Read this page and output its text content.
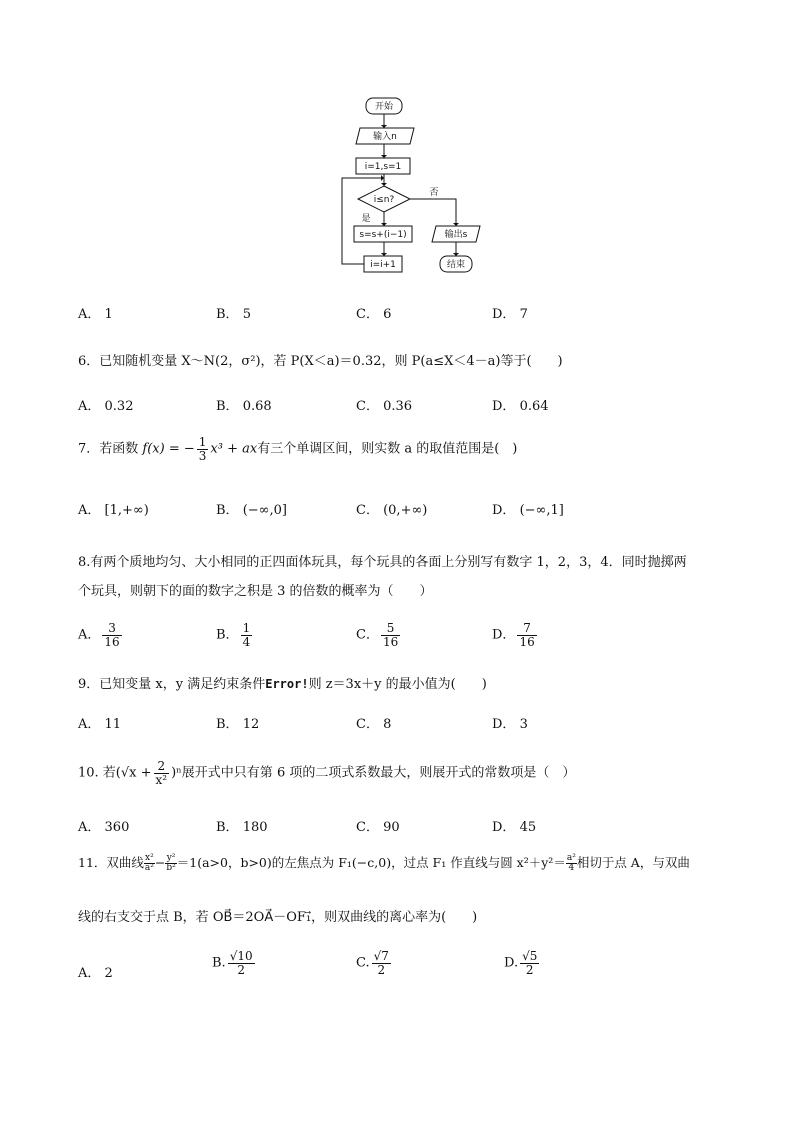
开始
输入n
i=1,s=1
i≤n?
否
是
s=s+(i−1)
i=i+1
输出s
结束
A． 1	B． 5	C． 6	D． 7
6．已知随机变量 X～N(2，σ²)，若 P(X＜a)＝0.32，则 P(a≤X＜4－a)等于(　　)
A． 0.32	B． 0.68	C． 0.36	D． 0.64
7．若函数 f(x) = − $\frac{1}{3} x^3$ + ax有三个单调区间，则实数 a 的取值范围是(　)
A． [1,+∞)	B． (−∞,0]	C． (0,+∞)	D． (−∞,1]
8.有两个质地均匀、大小相同的正四面体玩具，每个玩具的各面上分别写有数字 1，2，3，4．同时抛掷两
个玩具，则朝下的面的数字之积是 3 的倍数的概率为（　　）
A． $\frac{3}{16}$	B． $\frac{1}{4}$	C． $\frac{5}{16}$	D． $\frac{7}{16}$
9．已知变量 x，y 满足约束条件Error!则 z＝3x＋y 的最小值为(　　)
A． 11	B． 12	C． 8	D． 3
10. 若$(√x + \frac{2}{\text{x²}} )^n$展开式中只有第 6 项的二项式系数最大，则展开式的常数项是（　）
A． 360	B． 180	C． 90	D． 45
11．双曲线 $\frac{\text{x²}}{\text{a²}} - \frac{\text{y²}}{\text{b²}} =1(a>0$，b>0)的左焦点为 F₁(−c,0)，过点 F₁ 作直线与圆 $x^2+y^2= \frac{\text{a²}}{4}$ 相切于点 A，与双曲
线的右支交于点 B，若 OB⃗＝2OA⃗－OF₁⃗，则双曲线的离心率为(　　)
A． 2
B. $\frac{√10}{2}$	C. $\frac{√7}{2}$	D. $\frac{√5}{2}$
